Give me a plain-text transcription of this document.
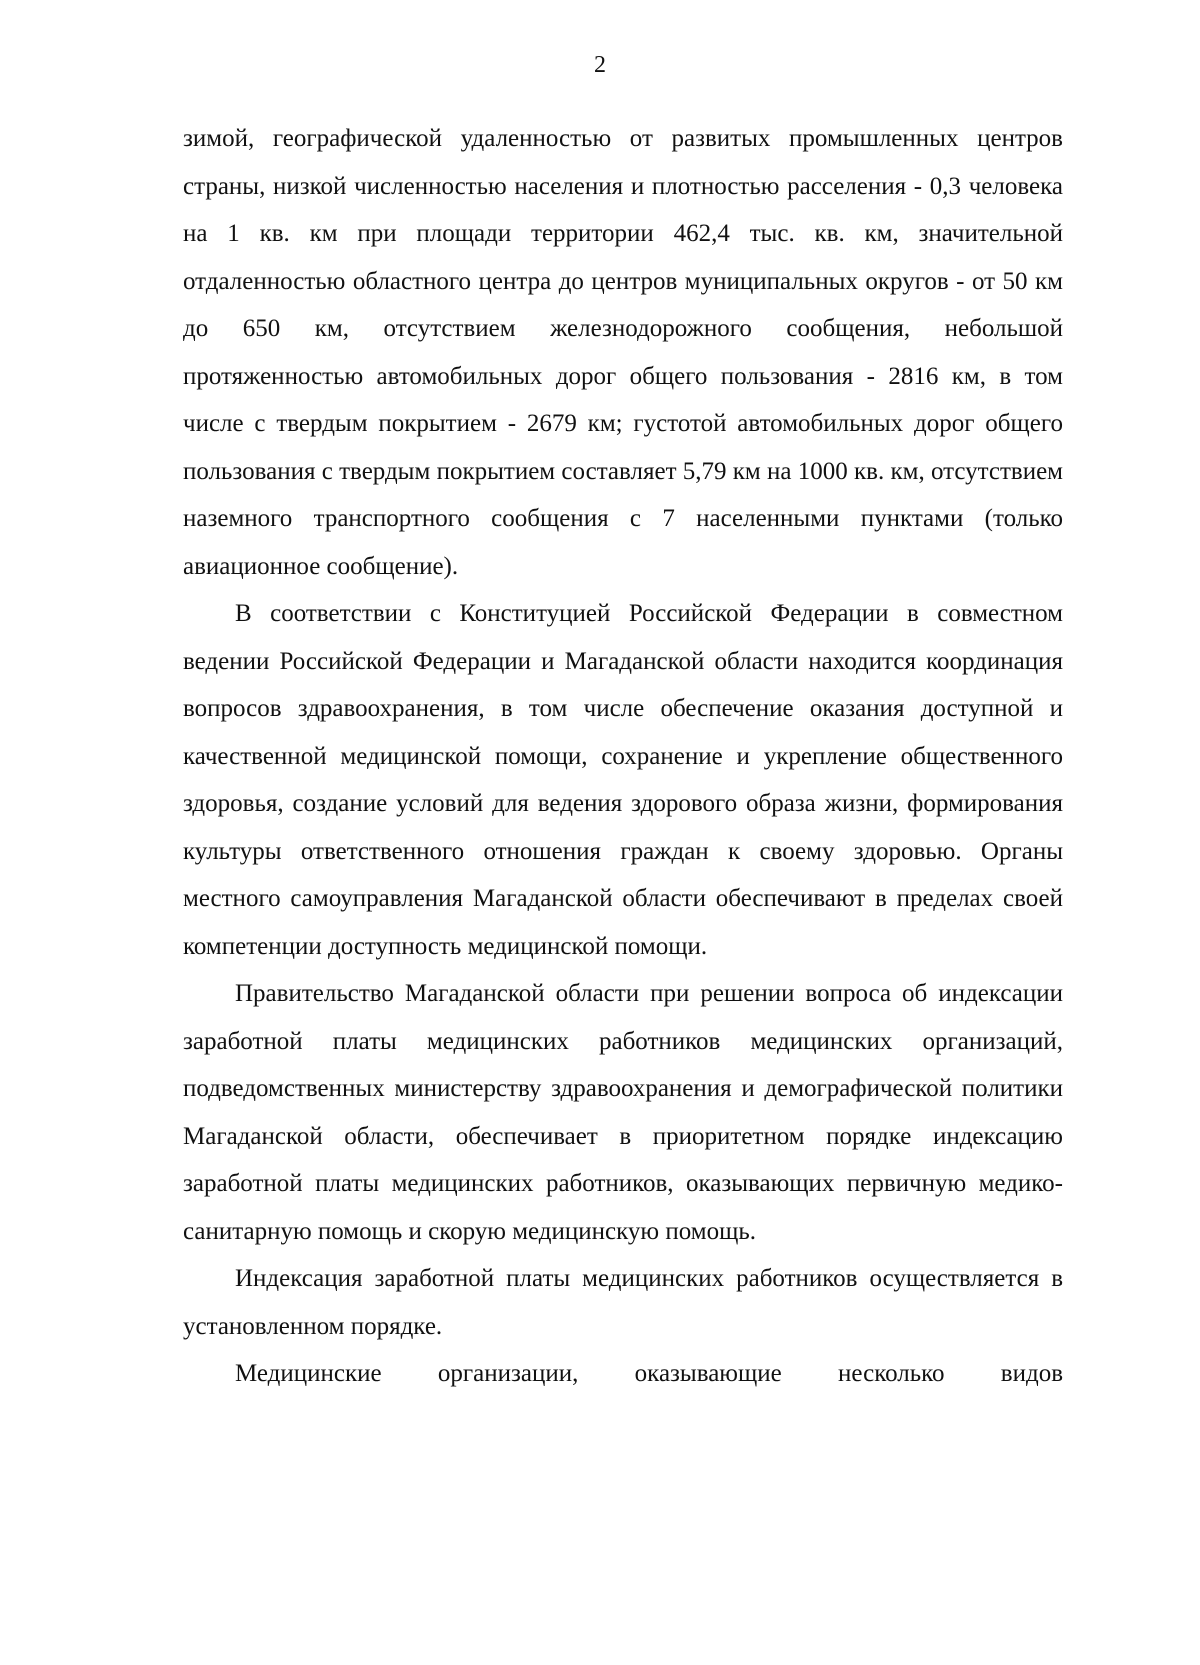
2

зимой, географической удаленностью от развитых промышленных центров страны, низкой численностью населения и плотностью расселения - 0,3 человека на 1 кв. км при площади территории 462,4 тыс. кв. км, значительной отдаленностью областного центра до центров муниципальных округов - от 50 км до 650 км, отсутствием железнодорожного сообщения, небольшой протяженностью автомобильных дорог общего пользования - 2816 км, в том числе с твердым покрытием - 2679 км; густотой автомобильных дорог общего пользования с твердым покрытием составляет 5,79 км на 1000 кв. км, отсутствием наземного транспортного сообщения с 7 населенными пунктами (только авиационное сообщение).

В соответствии с Конституцией Российской Федерации в совместном ведении Российской Федерации и Магаданской области находится координация вопросов здравоохранения, в том числе обеспечение оказания доступной и качественной медицинской помощи, сохранение и укрепление общественного здоровья, создание условий для ведения здорового образа жизни, формирования культуры ответственного отношения граждан к своему здоровью. Органы местного самоуправления Магаданской области обеспечивают в пределах своей компетенции доступность медицинской помощи.

Правительство Магаданской области при решении вопроса об индексации заработной платы медицинских работников медицинских организаций, подведомственных министерству здравоохранения и демографической политики Магаданской области, обеспечивает в приоритетном порядке индексацию заработной платы медицинских работников, оказывающих первичную медико-санитарную помощь и скорую медицинскую помощь.

Индексация заработной платы медицинских работников осуществляется в установленном порядке.

Медицинские организации, оказывающие несколько видов
